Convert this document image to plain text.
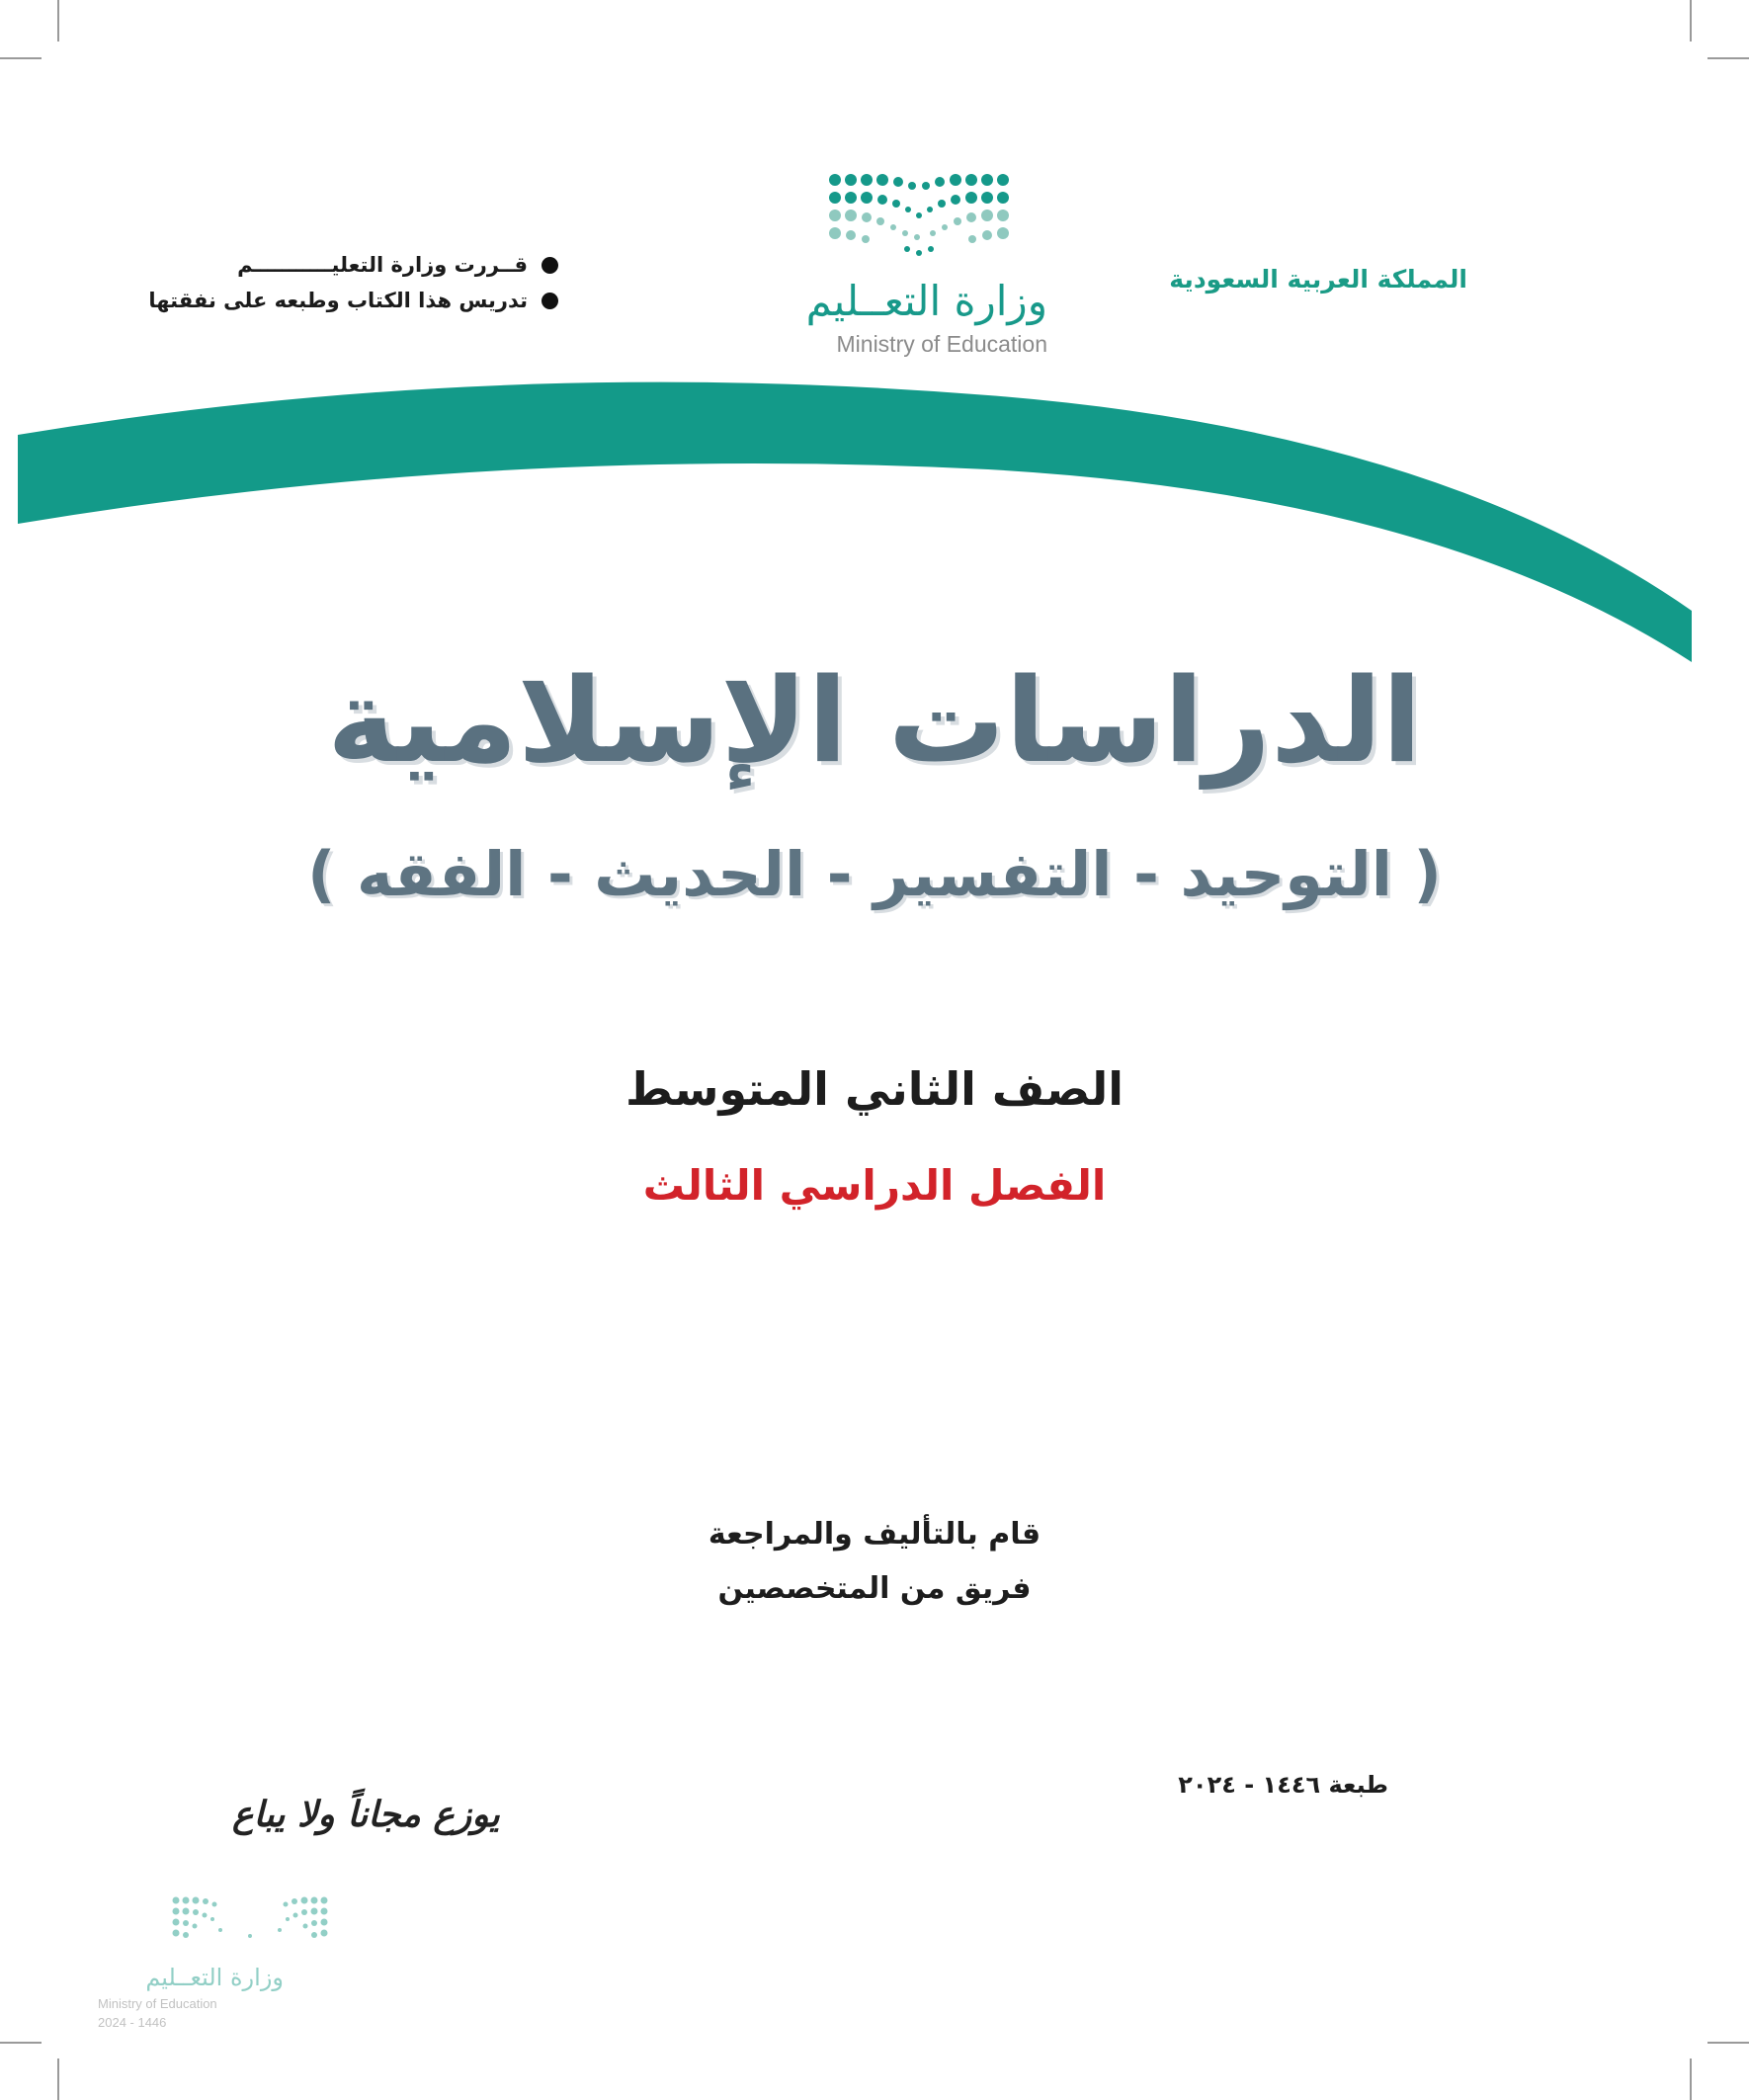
المملكة العربية السعودية
وزارة التعــليم
Ministry of Education
قــررت وزارة التعليـــــــــــم
تدريس هذا الكتاب وطبعه على نفقتها
الدراسات الإسلامية
( التوحيد - التفسير - الحديث - الفقه )
الصف الثاني المتوسط
الفصل الدراسي الثالث
قام بالتأليف والمراجعة
فريق من المتخصصين
طبعة ١٤٤٦ - ٢٠٢٤
يوزع مجاناً ولا يباع
وزارة التعــليم
Ministry of Education
2024 - 1446
